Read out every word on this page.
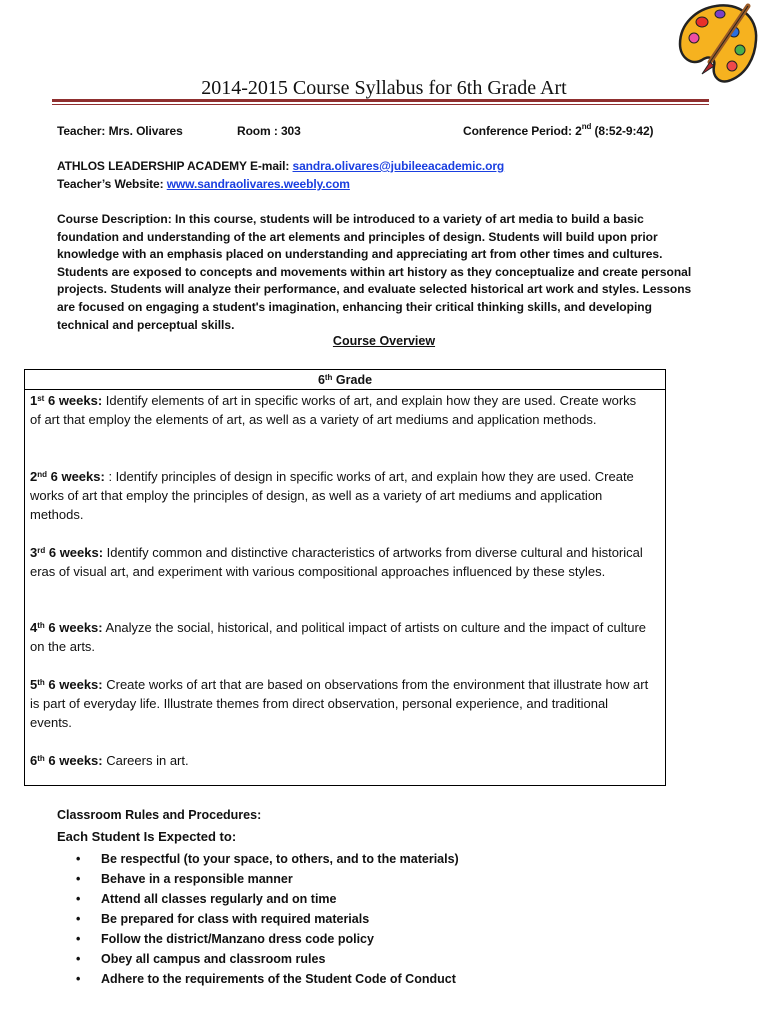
2014-2015 Course Syllabus for 6th Grade Art
Teacher: Mrs. Olivares	Room : 303	Conference Period: 2nd (8:52-9:42)
ATHLOS LEADERSHIP ACADEMY E-mail: sandra.olivares@jubileeacademic.org
Teacher’s Website: www.sandraolivares.weebly.com
Course Description: In this course, students will be introduced to a variety of art media to build a basic foundation and understanding of the art elements and principles of design. Students will build upon prior knowledge with an emphasis placed on understanding and appreciating art from other times and cultures. Students are exposed to concepts and movements within art history as they conceptualize and create personal projects. Students will analyze their performance, and evaluate selected historical art work and styles. Lessons are focused on engaging a student's imagination, enhancing their critical thinking skills, and developing technical and perceptual skills.
Course Overview
6th Grade
1st 6 weeks: Identify elements of art in specific works of art, and explain how they are used. Create works of art that employ the elements of art, as well as a variety of art mediums and application methods.
2nd 6 weeks: : Identify principles of design in specific works of art, and explain how they are used. Create works of art that employ the principles of design, as well as a variety of art mediums and application methods.
3rd 6 weeks: Identify common and distinctive characteristics of artworks from diverse cultural and historical eras of visual art, and experiment with various compositional approaches influenced by these styles.
4th 6 weeks: Analyze the social, historical, and political impact of artists on culture and the impact of culture on the arts.
5th 6 weeks: Create works of art that are based on observations from the environment that illustrate how art is part of everyday life. Illustrate themes from direct observation, personal experience, and traditional events.
6th 6 weeks: Careers in art.
Classroom Rules and Procedures:
Each Student Is Expected to:
• Be respectful (to your space, to others, and to the materials)
• Behave in a responsible manner
• Attend all classes regularly and on time
• Be prepared for class with required materials
• Follow the district/Manzano dress code policy
• Obey all campus and classroom rules
• Adhere to the requirements of the Student Code of Conduct
